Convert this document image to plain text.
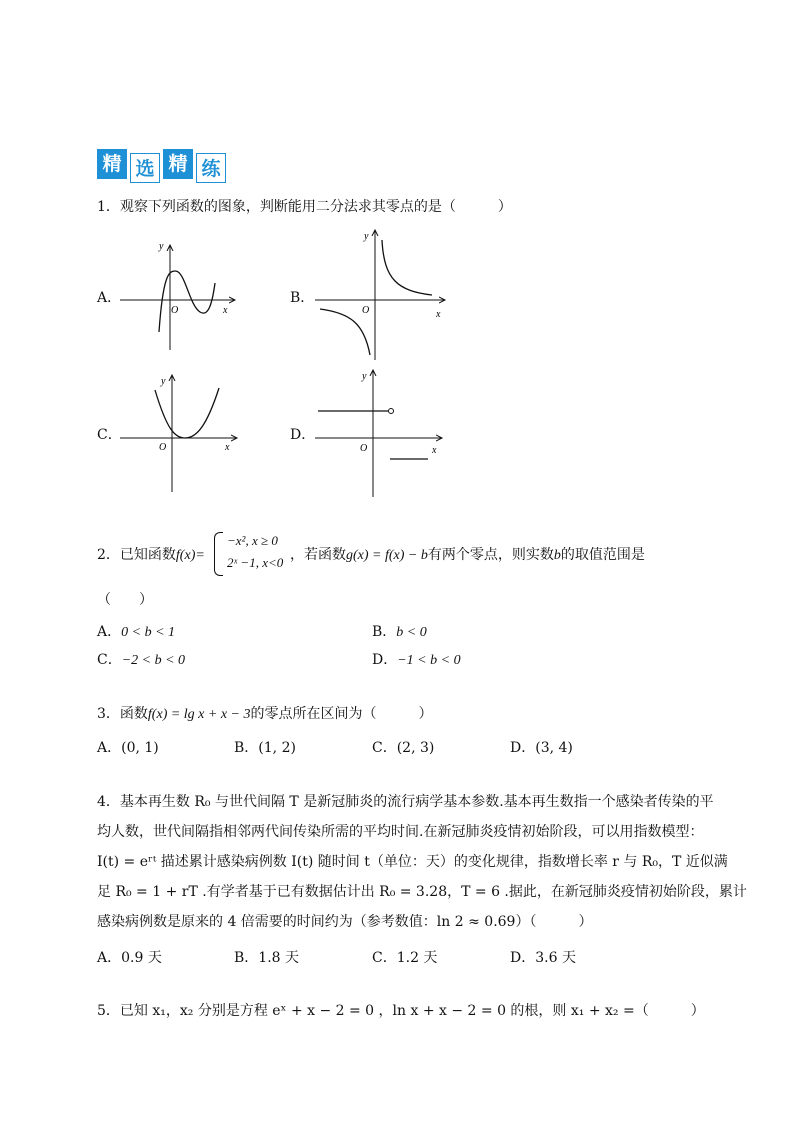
精 选 精 练
1．观察下列函数的图象，判断能用二分法求其零点的是（　　　）
A．	B．
C．	D．
y
O	x
y
O	x
y
O	x
y
O	x
2．已知函数f(x)=
−x², x ≥ 0
2ˣ −1, x<0 ，若函数g(x) = f(x) − b有两个零点，则实数b的取值范围是
（　　）
A．0 < b < 1	B．b < 0
C．−2 < b < 0	D．−1 < b < 0
3．函数f(x) = lg x + x − 3的零点所在区间为（　　　）
A．(0, 1)	B．(1, 2)	C．(2, 3)	D．(3, 4)
4．基本再生数 R₀ 与世代间隔 T 是新冠肺炎的流行病学基本参数.基本再生数指一个感染者传染的平
均人数，世代间隔指相邻两代间传染所需的平均时间.在新冠肺炎疫情初始阶段，可以用指数模型：
I(t) = eʳᵗ 描述累计感染病例数 I(t) 随时间 t（单位：天）的变化规律，指数增长率 r 与 R₀，T 近似满
足 R₀ = 1 + rT .有学者基于已有数据估计出 R₀ = 3.28，T = 6 .据此，在新冠肺炎疫情初始阶段，累计
感染病例数是原来的 4 倍需要的时间约为（参考数值：ln 2 ≈ 0.69）（　　　）
A．0.9 天	B．1.8 天	C．1.2 天	D．3.6 天
5．已知 x₁，x₂ 分别是方程 eˣ + x − 2 = 0 ，ln x + x − 2 = 0 的根，则 x₁ + x₂ =（　　　）
